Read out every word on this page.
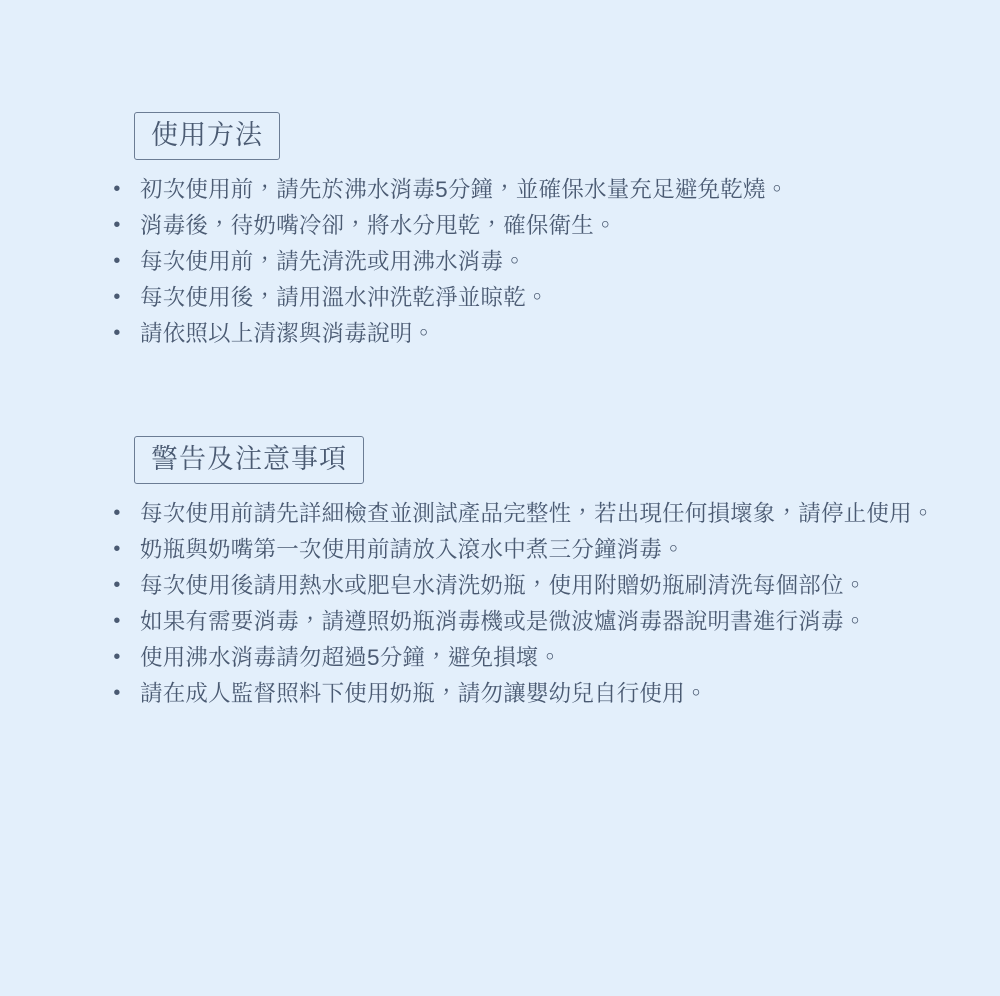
使用方法
• 初次使用前，請先於沸水消毒5分鐘，並確保水量充足避免乾燒。
• 消毒後，待奶嘴冷卻，將水分甩乾，確保衛生。
• 每次使用前，請先清洗或用沸水消毒。
• 每次使用後，請用溫水沖洗乾淨並晾乾。
• 請依照以上清潔與消毒說明。
警告及注意事項
• 每次使用前請先詳細檢查並測試產品完整性，若出現任何損壞象，請停止使用。
• 奶瓶與奶嘴第一次使用前請放入滾水中煮三分鐘消毒。
• 每次使用後請用熱水或肥皂水清洗奶瓶，使用附贈奶瓶刷清洗每個部位。
• 如果有需要消毒，請遵照奶瓶消毒機或是微波爐消毒器說明書進行消毒。
• 使用沸水消毒請勿超過5分鐘，避免損壞。
• 請在成人監督照料下使用奶瓶，請勿讓嬰幼兒自行使用。
